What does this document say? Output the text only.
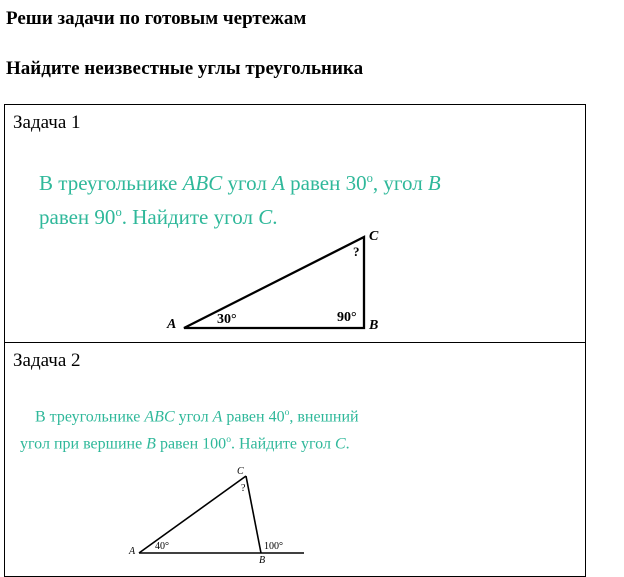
Реши задачи по готовым чертежам
Найдите неизвестные углы треугольника
Задача 1
В треугольнике ABC угол A равен $30^о$, угол B
равен $90^о$. Найдите угол C.
A	B
C
30°	90°
?

Задача 2
В треугольнике ABC угол A равен $40^о$, внешний
угол при вершине B равен $100^о$. Найдите угол C.
A
B
C
40°	100°
?
